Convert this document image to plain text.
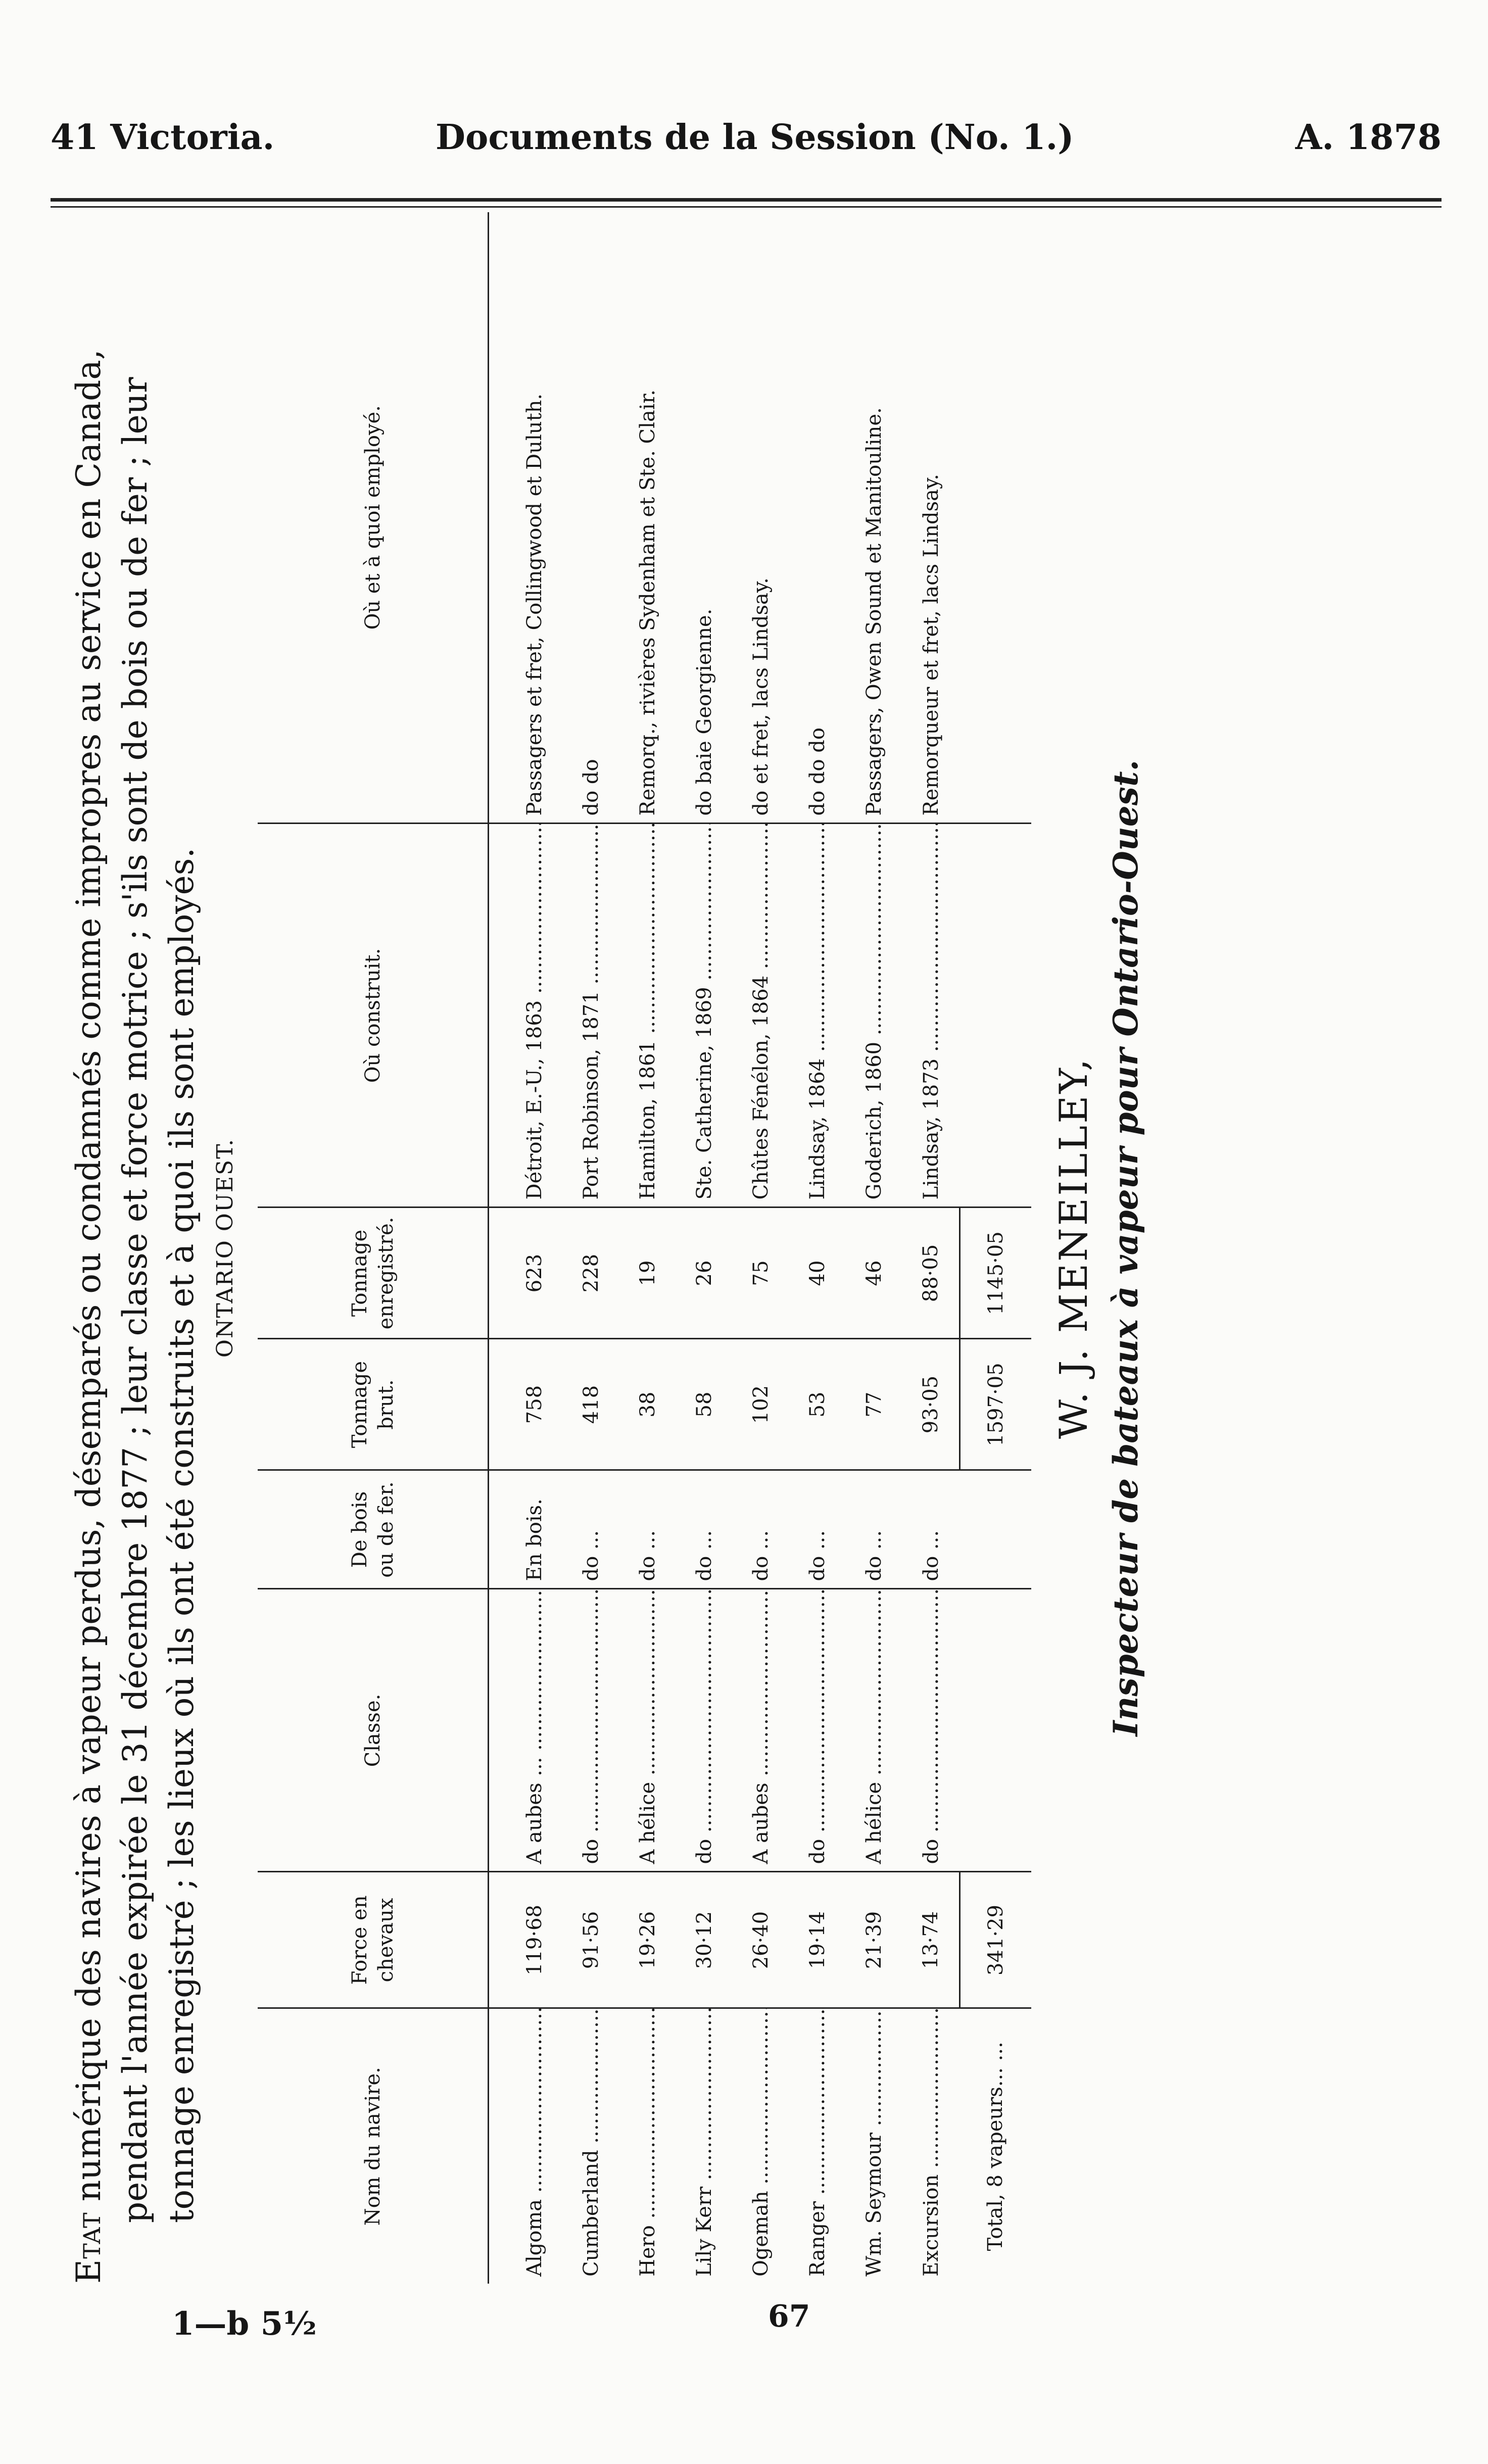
41 Victoria.	Documents de la Session (No. 1.)	A. 1878

Etat numérique des navires à vapeur perdus, désemparés ou condamnés comme impropres au service en Canada, pendant l'année expirée le 31 décembre 1877 ; leur classe et force motrice ; s'ils sont de bois ou de fer ; leur tonnage enregistré ; les lieux où ils ont été construits et à quoi ils sont employés. ONTARIO OUEST.
Nom du navire.	Force en chevaux	Classe.	De bois ou de fer.	Tonnage brut.	Tonnage enregistré.	Où construit.	Où et à quoi employé.
Algoma .....	119·68	A aubes ... .....	En bois.	758	623	Détroit, E.-U., 1863 .....	Passagers et fret, Collingwood et Duluth.
Cumberland .....	91·56	do .....	do ...	418	228	Port Robinson, 1871 .....	do do
Hero .....	19·26	A hélice .....	do ...	38	19	Hamilton, 1861 .....	Remorq., rivières Sydenham et Ste. Clair.
Lily Kerr .....	30·12	do .....	do ...	58	26	Ste. Catherine, 1869 .....	do baie Georgienne.
Ogemah .....	26·40	A aubes .....	do ...	102	75	Chûtes Fénélon, 1864 .....	do et fret, lacs Lindsay.
Ranger .....	19·14	do .....	do ...	53	40	Lindsay, 1864 .....	do do do
Wm. Seymour .....	21·39	A hélice .....	do ...	77	46	Goderich, 1860 .....	Passagers, Owen Sound et Manitouline.
Excursion .....	13·74	do .....	do ...	93·05	88·05	Lindsay, 1873 .....	Remorqueur et fret, lacs Lindsay.
Total, 8 vapeurs... ...	341·29			1597·05	1145·05		W. J. MENEILLEY, Inspecteur de bateaux à vapeur pour Ontario-Ouest.
1—b 5½	67
